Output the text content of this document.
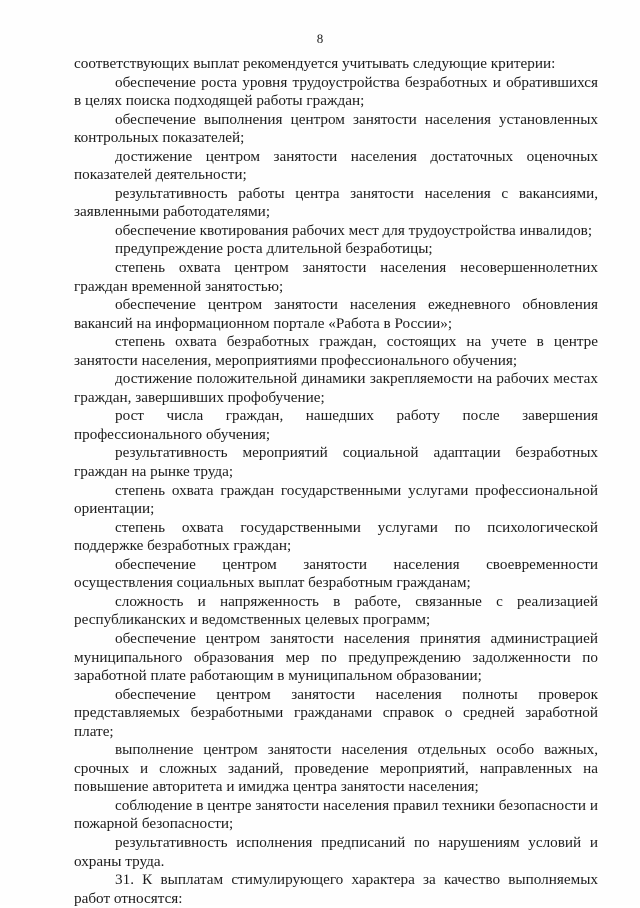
8

соответствующих выплат рекомендуется учитывать следующие критерии:

обеспечение роста уровня трудоустройства безработных и обратившихся в целях поиска подходящей работы граждан;

обеспечение выполнения центром занятости населения установленных контрольных показателей;

достижение центром занятости населения достаточных оценочных показателей деятельности;

результативность работы центра занятости населения с вакансиями, заявленными работодателями;

обеспечение квотирования рабочих мест для трудоустройства инвалидов;

предупреждение роста длительной безработицы;

степень охвата центром занятости населения несовершеннолетних граждан временной занятостью;

обеспечение центром занятости населения ежедневного обновления вакансий на информационном портале «Работа в России»;

степень охвата безработных граждан, состоящих на учете в центре занятости населения, мероприятиями профессионального обучения;

достижение положительной динамики закрепляемости на рабочих местах граждан, завершивших профобучение;

рост числа граждан, нашедших работу после завершения профессионального обучения;

результативность мероприятий социальной адаптации безработных граждан на рынке труда;

степень охвата граждан государственными услугами профессиональной ориентации;

степень охвата государственными услугами по психологической поддержке безработных граждан;

обеспечение центром занятости населения своевременности осуществления социальных выплат безработным гражданам;

сложность и напряженность в работе, связанные с реализацией республиканских и ведомственных целевых программ;

обеспечение центром занятости населения принятия администрацией муниципального образования мер по предупреждению задолженности по заработной плате работающим в муниципальном образовании;

обеспечение центром занятости населения полноты проверок представляемых безработными гражданами справок о средней заработной плате;

выполнение центром занятости населения отдельных особо важных, срочных и сложных заданий, проведение мероприятий, направленных на повышение авторитета и имиджа центра занятости населения;

соблюдение в центре занятости населения правил техники безопасности и пожарной безопасности;

результативность исполнения предписаний по нарушениям условий и охраны труда.

31. К выплатам стимулирующего характера за качество выполняемых работ относятся:
